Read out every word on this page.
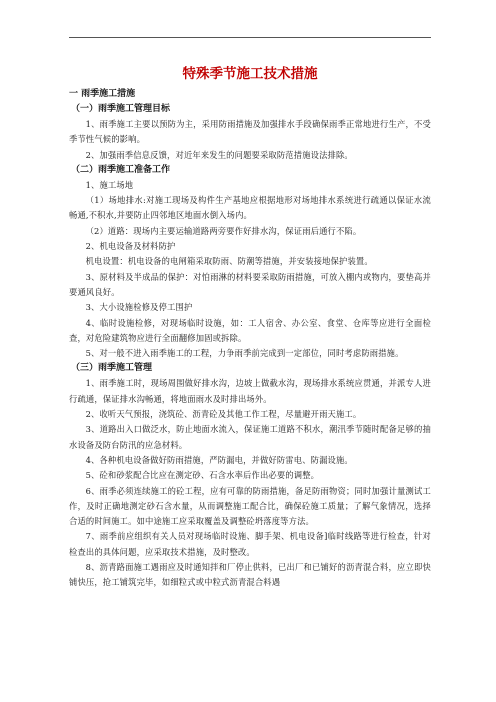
特殊季节施工技术措施
一 雨季施工措施
（一）雨季施工管理目标
1、雨季施工主要以预防为主，采用防雨措施及加强排水手段确保雨季正常地进行生产，不受季节性气候的影响。
2、加强雨季信息反馈，对近年来发生的问题要采取防范措施设法排除。
（二）雨季施工准备工作
1、施工场地
（1）场地排水:对施工现场及构件生产基地应根据地形对场地排水系统进行疏通以保证水流畅通,不积水,并要防止四邻地区地面水倒入场内。
（2）道路：现场内主要运输道路两旁要作好排水沟，保证雨后通行不陷。
2、机电设备及材料防护
机电设置：机电设备的电闸箱采取防雨、防潮等措施，并安装接地保护装置。
3、原材料及半成品的保护：对怕雨淋的材料要采取防雨措施，可放入棚内或物内，要垫高并要通风良好。
3、大小设施检修及停工围护
4、临时设施检修，对现场临时设施，如：工人宿舍、办公室、食堂、仓库等应进行全面检查，对危险建筑物应进行全面翻修加固或拆除。
5、对一般不进入雨季施工的工程，力争雨季前完成到一定部位，同时考虑防雨措施。
（三）雨季施工管理
1、雨季施工时，现场周围做好排水沟，边坡上做截水沟，现场排水系统应贯通，并派专人进行疏通，保证排水沟畅通，将地面雨水及时排出场外。
2、收听天气预报，浇筑砼、沥青砼及其他工作工程，尽量避开雨天施工。
3、道路出入口做泛水，防止地面水流入，保证施工道路不积水，潮汛季节随时配备足够的抽水设备及防台防汛的应急材料。
4、各种机电设备做好防雨措施，严防漏电，并做好防雷电、防漏设施。
5、砼和砂浆配合比应在测定砂、石含水率后作出必要的调整。
6、雨季必须连续施工的砼工程，应有可靠的防雨措施，备足防雨物资；同时加强计量测试工作，及时正确地测定砂石含水量，从而调整施工配合比，确保砼施工质量；了解气象情况，选择合适的时间施工。如中途施工应采取覆盖及调整砼坍落度等方法。
7、雨季前应组织有关人员对现场临时设施、脚手架、机电设备]临时线路等进行检查，针对检查出的具体问题，应采取技术措施，及时整改。
8、沥青路面施工遇雨应及时通知拌和厂停止供料，已出厂和已铺好的沥青混合料，应立即快铺快压，抢工铺筑完毕，如细粒式或中粒式沥青混合料遇
